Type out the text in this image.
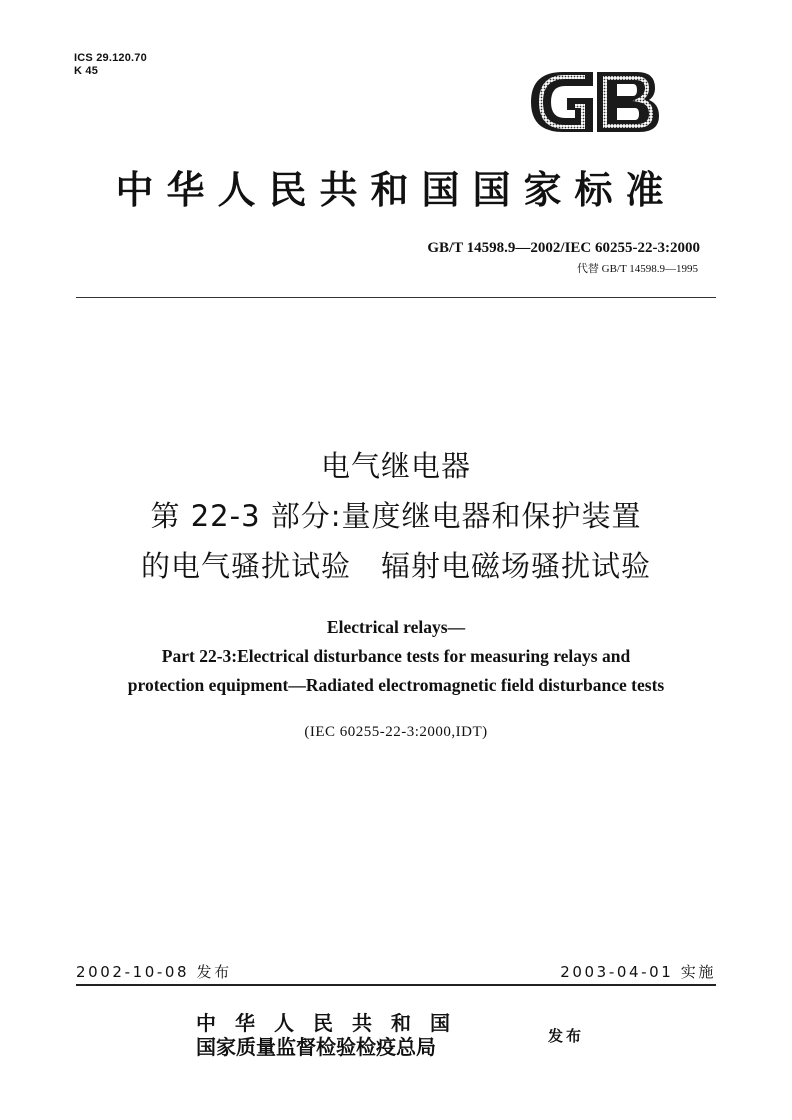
ICS 29.120.70
K 45
中华人民共和国国家标准
GB/T 14598.9—2002/IEC 60255-22-3:2000
代替 GB/T 14598.9—1995
电气继电器
第 22-3 部分:量度继电器和保护装置
的电气骚扰试验　辐射电磁场骚扰试验
Electrical relays—
Part 22-3:Electrical disturbance tests for measuring relays and
protection equipment—Radiated electromagnetic field disturbance tests
(IEC 60255-22-3:2000,IDT)
2002-10-08 发布	2003-04-01 实施
中华人民共和国
国家质量监督检验检疫总局	发布
